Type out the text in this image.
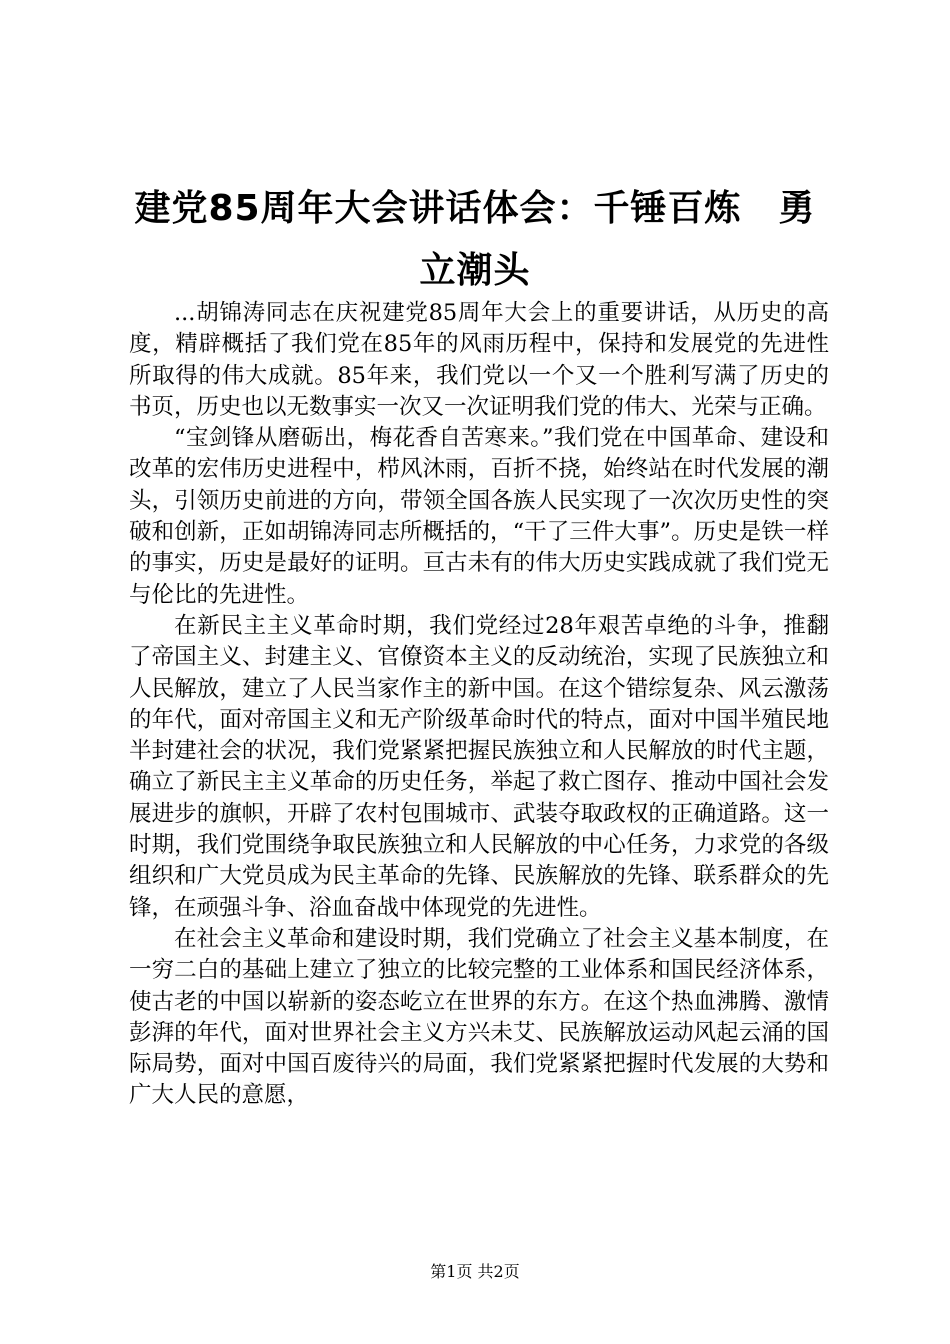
建党85周年大会讲话体会：千锤百炼　勇立潮头

...胡锦涛同志在庆祝建党85周年大会上的重要讲话，从历史的高度，精辟概括了我们党在85年的风雨历程中，保持和发展党的先进性所取得的伟大成就。85年来，我们党以一个又一个胜利写满了历史的书页，历史也以无数事实一次又一次证明我们党的伟大、光荣与正确。

“宝剑锋从磨砺出，梅花香自苦寒来。”我们党在中国革命、建设和改革的宏伟历史进程中，栉风沐雨，百折不挠，始终站在时代发展的潮头，引领历史前进的方向，带领全国各族人民实现了一次次历史性的突破和创新，正如胡锦涛同志所概括的，“干了三件大事”。历史是铁一样的事实，历史是最好的证明。亘古未有的伟大历史实践成就了我们党无与伦比的先进性。

在新民主主义革命时期，我们党经过28年艰苦卓绝的斗争，推翻了帝国主义、封建主义、官僚资本主义的反动统治，实现了民族独立和人民解放，建立了人民当家作主的新中国。在这个错综复杂、风云激荡的年代，面对帝国主义和无产阶级革命时代的特点，面对中国半殖民地半封建社会的状况，我们党紧紧把握民族独立和人民解放的时代主题，确立了新民主主义革命的历史任务，举起了救亡图存、推动中国社会发展进步的旗帜，开辟了农村包围城市、武装夺取政权的正确道路。这一时期，我们党围绕争取民族独立和人民解放的中心任务，力求党的各级组织和广大党员成为民主革命的先锋、民族解放的先锋、联系群众的先锋，在顽强斗争、浴血奋战中体现党的先进性。

在社会主义革命和建设时期，我们党确立了社会主义基本制度，在一穷二白的基础上建立了独立的比较完整的工业体系和国民经济体系，使古老的中国以崭新的姿态屹立在世界的东方。在这个热血沸腾、激情彭湃的年代，面对世界社会主义方兴未艾、民族解放运动风起云涌的国际局势，面对中国百废待兴的局面，我们党紧紧把握时代发展的大势和广大人民的意愿，

第1页 共2页
